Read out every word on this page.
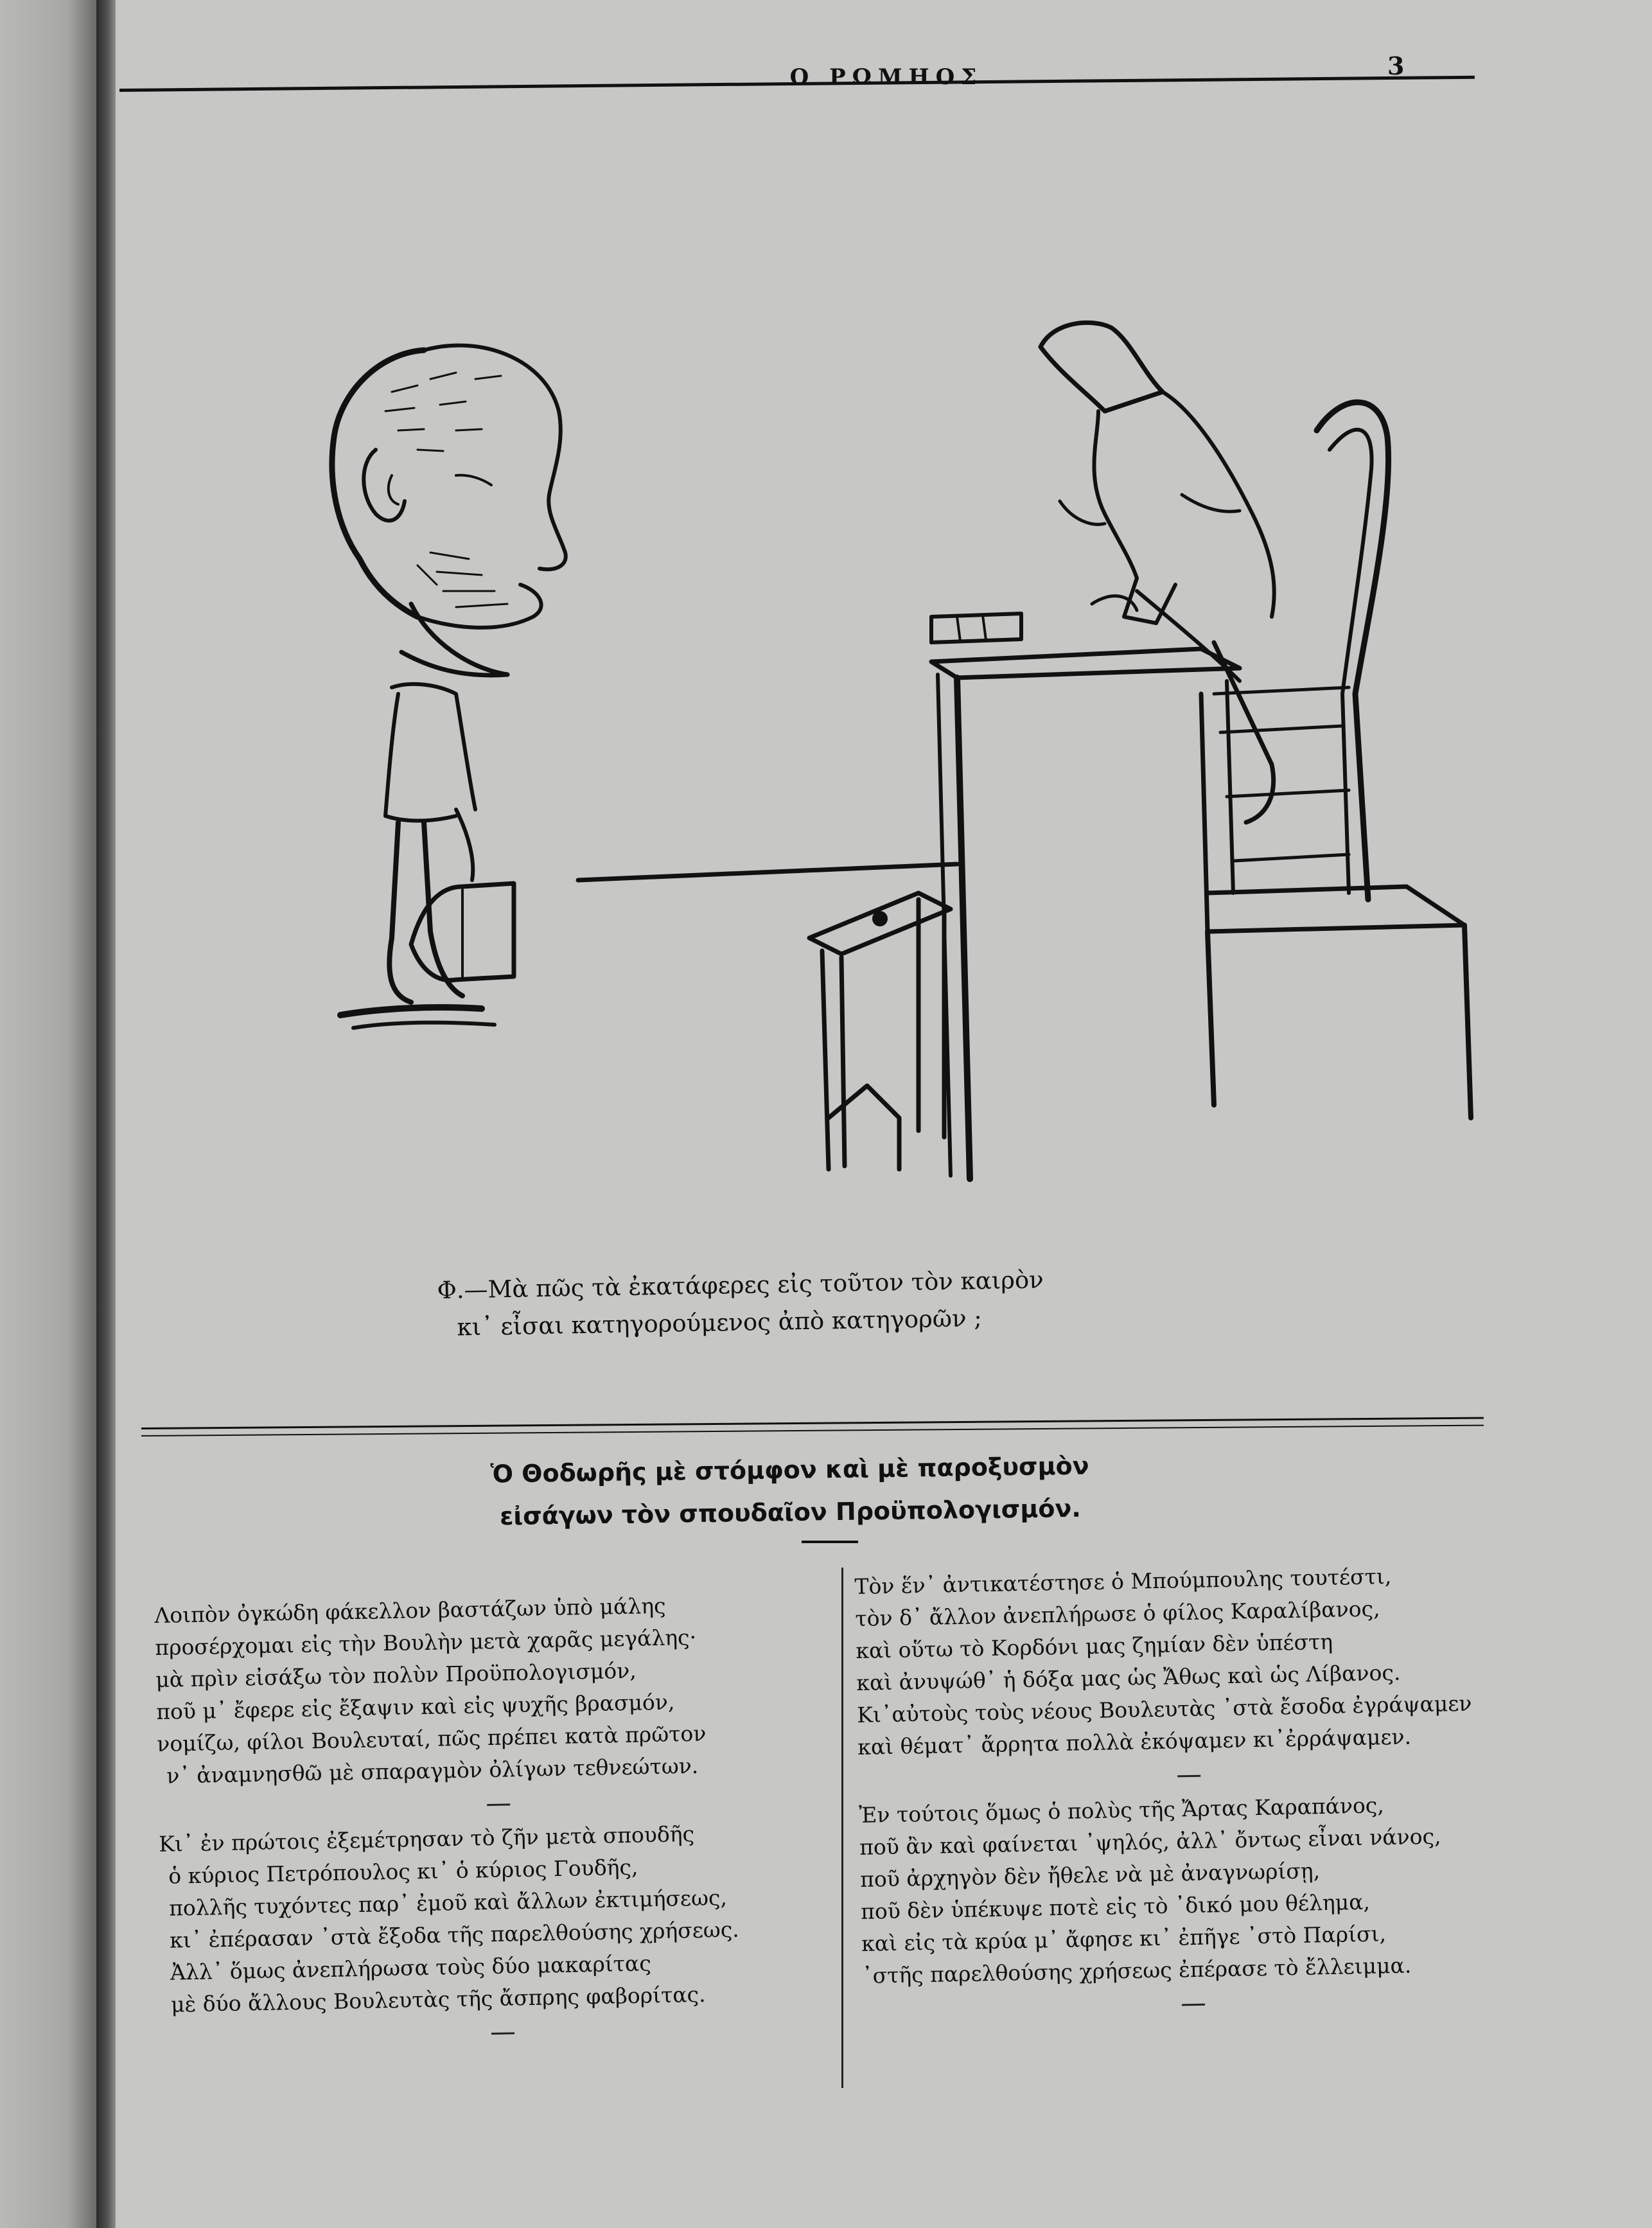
Ο ΡΩΜΗΟΣ	3
Φ.—Μὰ πῶς τὰ ἐκατάφερες εἰς τοῦτον τὸν καιρὸν
κι᾽ εἶσαι κατηγορούμενος ἀπὸ κατηγορῶν ;
Ὁ Θοδωρῆς μὲ στόμφον καὶ μὲ παροξυσμὸν
εἰσάγων τὸν σπουδαῖον Προϋπολογισμόν.
Λοιπὸν ὀγκώδη φάκελλον βαστάζων ὑπὸ μάλης
προσέρχομαι εἰς τὴν Βουλὴν μετὰ χαρᾶς μεγάλης·
μὰ πρὶν εἰσάξω τὸν πολὺν Προϋπολογισμόν,
ποῦ μ᾽ ἔφερε εἰς ἔξαψιν καὶ εἰς ψυχῆς βρασμόν,
νομίζω, φίλοι Βουλευταί, πῶς πρέπει κατὰ πρῶτον
ν᾽ ἀναμνησθῶ μὲ σπαραγμὸν ὀλίγων τεθνεώτων.
Κι᾽ ἐν πρώτοις ἐξεμέτρησαν τὸ ζῆν μετὰ σπουδῆς
ὁ κύριος Πετρόπουλος κι᾽ ὁ κύριος Γουδῆς,
πολλῆς τυχόντες παρ᾽ ἐμοῦ καὶ ἄλλων ἐκτιμήσεως,
κι᾽ ἐπέρασαν ᾽στὰ ἔξοδα τῆς παρελθούσης χρήσεως.
Ἀλλ᾽ ὅμως ἀνεπλήρωσα τοὺς δύο μακαρίτας
μὲ δύο ἄλλους Βουλευτὰς τῆς ἄσπρης φαβορίτας.
Τὸν ἕν᾽ ἀντικατέστησε ὁ Μπούμπουλης τουτέστι,
τὸν δ᾽ ἄλλον ἀνεπλήρωσε ὁ φίλος Καραλίβανος,
καὶ οὕτω τὸ Κορδόνι μας ζημίαν δὲν ὑπέστη
καὶ ἀνυψώθ᾽ ἡ δόξα μας ὡς Ἄθως καὶ ὡς Λίβανος.
Κι᾽αὐτοὺς τοὺς νέους Βουλευτὰς ᾽στὰ ἔσοδα ἐγράψαμεν
καὶ θέματ᾽ ἄρρητα πολλὰ ἐκόψαμεν κι᾽ἐρράψαμεν.
Ἐν τούτοις ὅμως ὁ πολὺς τῆς Ἄρτας Καραπάνος,
ποῦ ἂν καὶ φαίνεται ᾽ψηλός, ἀλλ᾽ ὄντως εἶναι νάνος,
ποῦ ἀρχηγὸν δὲν ἤθελε νὰ μὲ ἀναγνωρίσῃ,
ποῦ δὲν ὑπέκυψε ποτὲ εἰς τὸ ᾽δικό μου θέλημα,
καὶ εἰς τὰ κρύα μ᾽ ἄφησε κι᾽ ἐπῆγε ᾽στὸ Παρίσι,
᾽στῆς παρελθούσης χρήσεως ἐπέρασε τὸ ἔλλειμμα.
